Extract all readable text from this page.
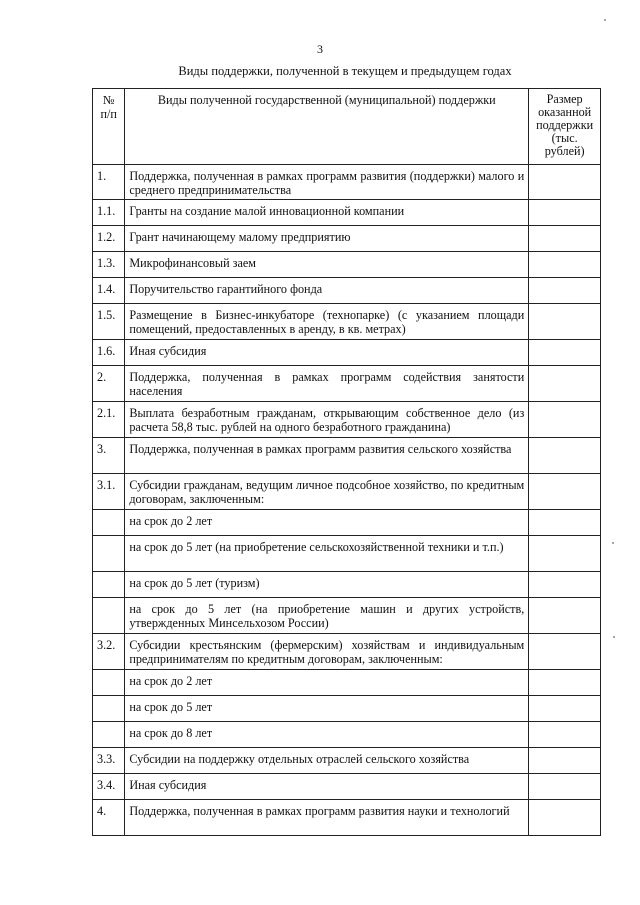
3
Виды поддержки, полученной в текущем и предыдущем годах
№ п/п	Виды полученной государственной (муниципальной) поддержки	Размер оказанной поддержки (тыс. рублей)
1.	Поддержка, полученная в рамках программ развития (поддержки) малого и среднего предпринимательства	
1.1.	Гранты на создание малой инновационной компании	
1.2.	Грант начинающему малому предприятию	
1.3.	Микрофинансовый заем	
1.4.	Поручительство гарантийного фонда	
1.5.	Размещение в Бизнес-инкубаторе (технопарке) (с указанием площади помещений, предоставленных в аренду, в кв. метрах)	
1.6.	Иная субсидия	
2.	Поддержка, полученная в рамках программ содействия занятости населения	
2.1.	Выплата безработным гражданам, открывающим собственное дело (из расчета 58,8 тыс. рублей на одного безработного гражданина)	
3.	Поддержка, полученная в рамках программ развития сельского хозяйства	
3.1.	Субсидии гражданам, ведущим личное подсобное хозяйство, по кредитным договорам, заключенным:	
	на срок до 2 лет	
	на срок до 5 лет (на приобретение сельскохозяйственной техники и т.п.)	
	на срок до 5 лет (туризм)	
	на срок до 5 лет (на приобретение машин и других устройств, утвержденных Минсельхозом России)	
3.2.	Субсидии крестьянским (фермерским) хозяйствам и индивидуальным предпринимателям по кредитным договорам, заключенным:	
	на срок до 2 лет	
	на срок до 5 лет	
	на срок до 8 лет	
3.3.	Субсидии на поддержку отдельных отраслей сельского хозяйства	
3.4.	Иная субсидия	
4.	Поддержка, полученная в рамках программ развития науки и технологий	
